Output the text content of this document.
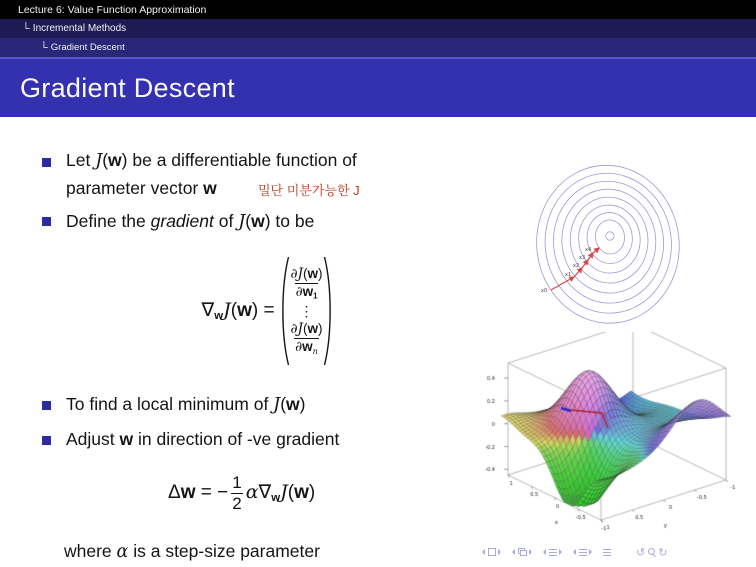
Lecture 6: Value Function Approximation
└ Incremental Methods
└ Gradient Descent
Gradient Descent
Let J(w) be a differentiable function of
parameter vector w	밀단 미분가능한 J
Define the gradient of J(w) to be
∇wJ(w) =
$\frac{\partial J(w)}{\partial w_1}$
⋮
$\frac{\partial J(w)}{\partial w_n}$
To find a local minimum of J(w)
Adjust w in direction of -ve gradient
Δw = − $\frac{1}{2} \alpha\nabla wJ(w)$
where α is a step-size parameter
x0
x1
x2
x3
x4
↺ ↻
